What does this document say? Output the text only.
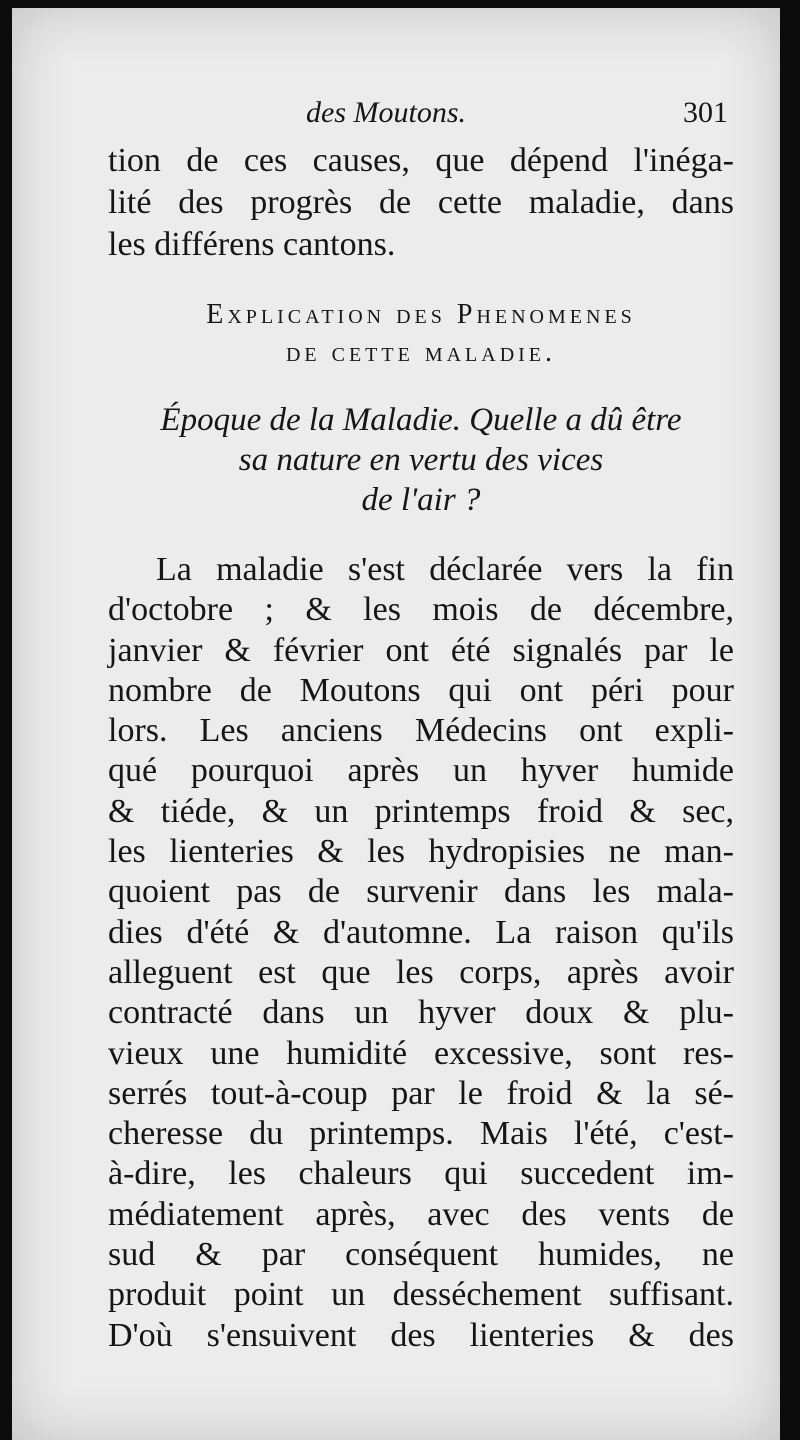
des Moutons.	301
tion de ces causes, que dépend l'inéga-
lité des progrès de cette maladie, dans
les différens cantons.
Explication des Phenomenes
de cette maladie.
Époque de la Maladie. Quelle a dû être
sa nature en vertu des vices
de l'air ?
La maladie s'est déclarée vers la fin
d'octobre ; & les mois de décembre,
janvier & février ont été signalés par le
nombre de Moutons qui ont péri pour
lors. Les anciens Médecins ont expli-
qué pourquoi après un hyver humide
& tiéde, & un printemps froid & sec,
les lienteries & les hydropisies ne man-
quoient pas de survenir dans les mala-
dies d'été & d'automne. La raison qu'ils
alleguent est que les corps, après avoir
contracté dans un hyver doux & plu-
vieux une humidité excessive, sont res-
serrés tout-à-coup par le froid & la sé-
cheresse du printemps. Mais l'été, c'est-
à-dire, les chaleurs qui succedent im-
médiatement après, avec des vents de
sud & par conséquent humides, ne
produit point un desséchement suffisant.
D'où s'ensuivent des lienteries & des
